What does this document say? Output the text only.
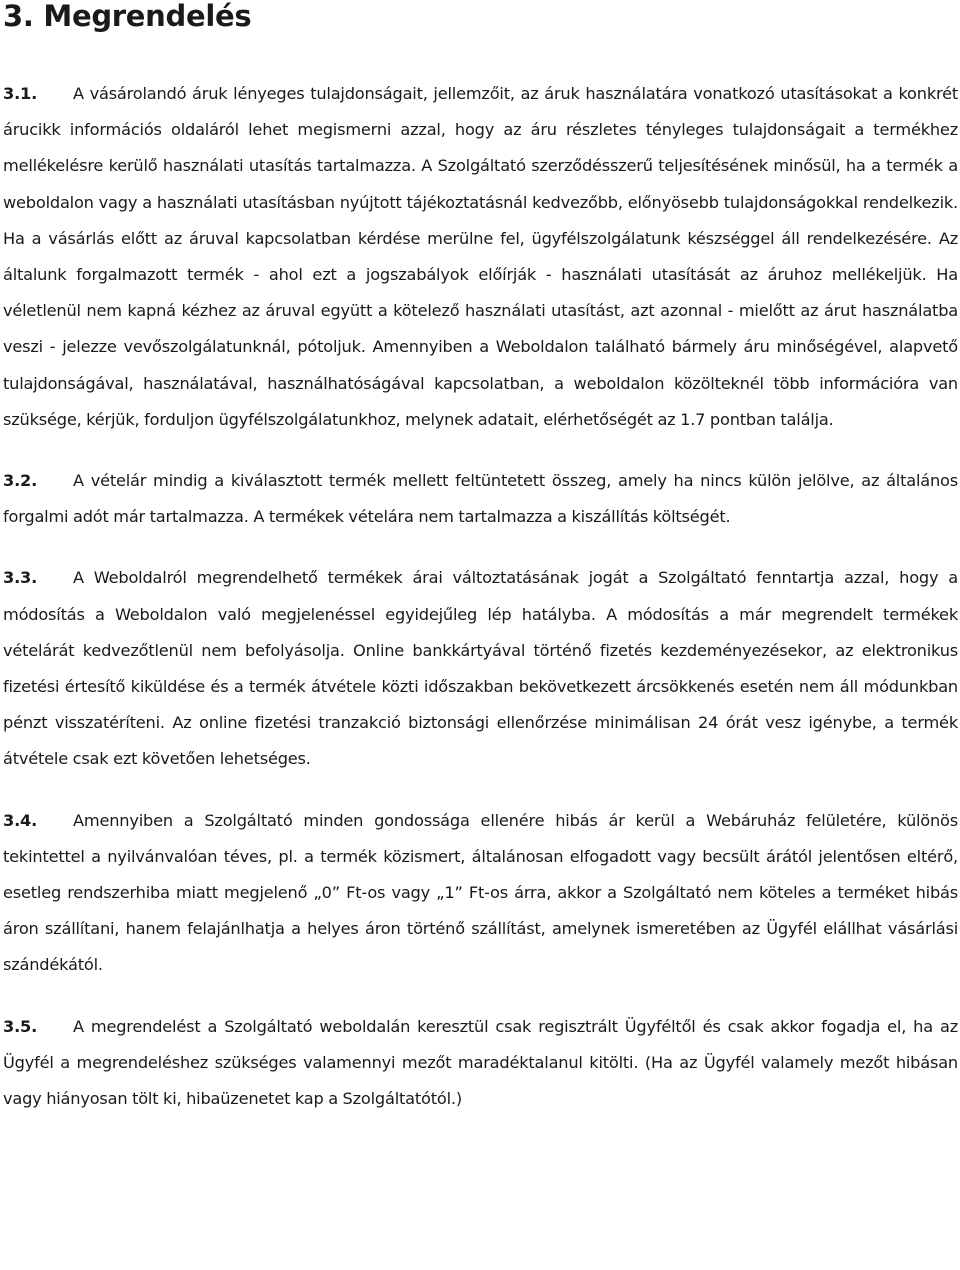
3. Megrendelés

3.1. A vásárolandó áruk lényeges tulajdonságait, jellemzőit, az áruk használatára vonatkozó utasításokat a konkrét árucikk információs oldaláról lehet megismerni azzal, hogy az áru részletes tényleges tulajdonságait a termékhez mellékelésre kerülő használati utasítás tartalmazza. A Szolgáltató szerződésszerű teljesítésének minősül, ha a termék a weboldalon vagy a használati utasításban nyújtott tájékoztatásnál kedvezőbb, előnyösebb tulajdonságokkal rendelkezik. Ha a vásárlás előtt az áruval kapcsolatban kérdése merülne fel, ügyfélszolgálatunk készséggel áll rendelkezésére. Az általunk forgalmazott termék - ahol ezt a jogszabályok előírják - használati utasítását az áruhoz mellékeljük. Ha véletlenül nem kapná kézhez az áruval együtt a kötelező használati utasítást, azt azonnal - mielőtt az árut használatba veszi - jelezze vevőszolgálatunknál, pótoljuk. Amennyiben a Weboldalon található bármely áru minőségével, alapvető tulajdonságával, használatával, használhatóságával kapcsolatban, a weboldalon közölteknél több információra van szüksége, kérjük, forduljon ügyfélszolgálatunkhoz, melynek adatait, elérhetőségét az 1.7 pontban találja.

3.2. A vételár mindig a kiválasztott termék mellett feltüntetett összeg, amely ha nincs külön jelölve, az általános forgalmi adót már tartalmazza. A termékek vételára nem tartalmazza a kiszállítás költségét.

3.3. A Weboldalról megrendelhető termékek árai változtatásának jogát a Szolgáltató fenntartja azzal, hogy a módosítás a Weboldalon való megjelenéssel egyidejűleg lép hatályba. A módosítás a már megrendelt termékek vételárát kedvezőtlenül nem befolyásolja. Online bankkártyával történő fizetés kezdeményezésekor, az elektronikus fizetési értesítő kiküldése és a termék átvétele közti időszakban bekövetkezett árcsökkenés esetén nem áll módunkban pénzt visszatéríteni. Az online fizetési tranzakció biztonsági ellenőrzése minimálisan 24 órát vesz igénybe, a termék átvétele csak ezt követően lehetséges.

3.4. Amennyiben a Szolgáltató minden gondossága ellenére hibás ár kerül a Webáruház felületére, különös tekintettel a nyilvánvalóan téves, pl. a termék közismert, általánosan elfogadott vagy becsült árától jelentősen eltérő, esetleg rendszerhiba miatt megjelenő „0” Ft-os vagy „1” Ft-os árra, akkor a Szolgáltató nem köteles a terméket hibás áron szállítani, hanem felajánlhatja a helyes áron történő szállítást, amelynek ismeretében az Ügyfél elállhat vásárlási szándékától.

3.5. A megrendelést a Szolgáltató weboldalán keresztül csak regisztrált Ügyféltől és csak akkor fogadja el, ha az Ügyfél a megrendeléshez szükséges valamennyi mezőt maradéktalanul kitölti. (Ha az Ügyfél valamely mezőt hibásan vagy hiányosan tölt ki, hibaüzenetet kap a Szolgáltatótól.)
